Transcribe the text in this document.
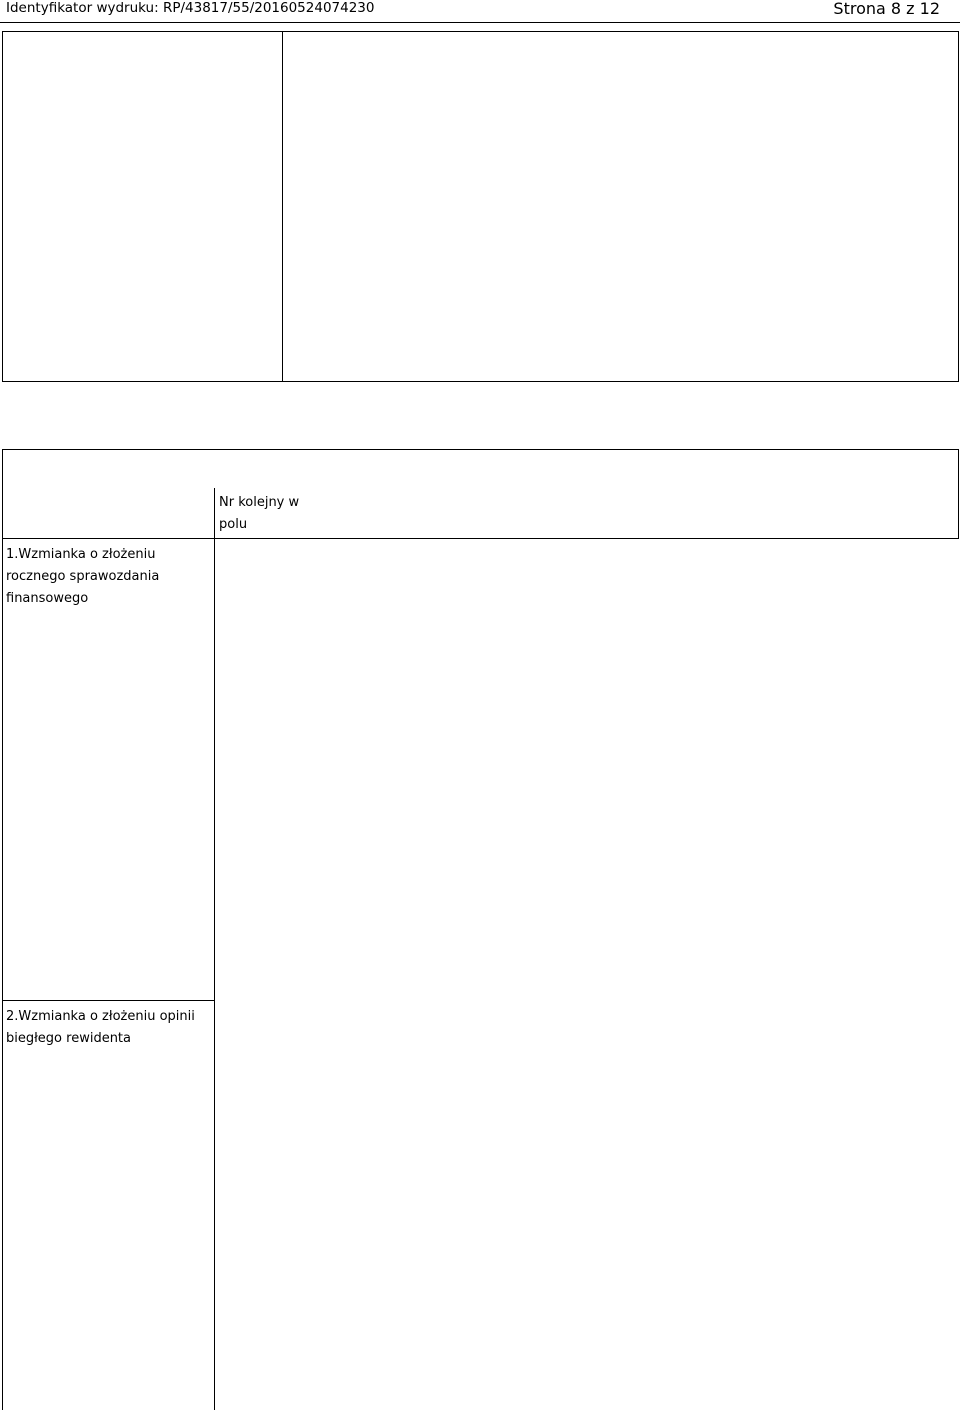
Identyfikator wydruku: RP/43817/55/20160524074230	Strona 8 z 12
Nr kolejny w polu
1.Wzmianka o złożeniu rocznego sprawozdania finansowego
2.Wzmianka o złożeniu opinii biegłego rewidenta
